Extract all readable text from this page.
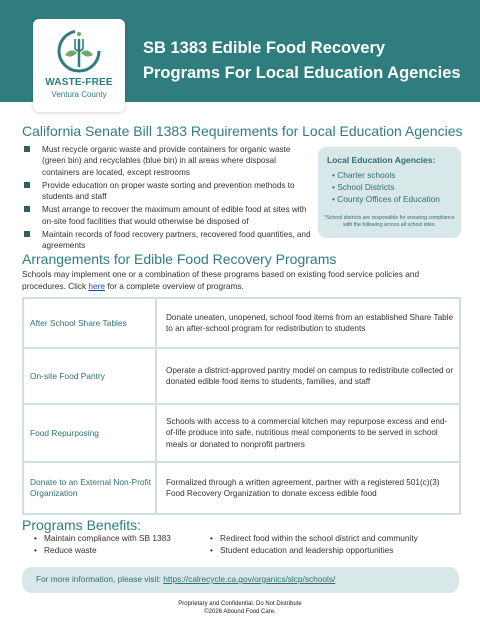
WASTE-FREE
Ventura County
SB 1383 Edible Food Recovery
Programs For Local Education Agencies
California Senate Bill 1383 Requirements for Local Education Agencies
Must recycle organic waste and provide containers for organic waste (green bin) and recyclables (blue bin) in all areas where disposal containers are located, except restrooms
Provide education on proper waste sorting and prevention methods to students and staff
Must arrange to recover the maximum amount of edible food at sites with on-site food facilities that would otherwise be disposed of
Maintain records of food recovery partners, recovered food quantities, and agreements
Local Education Agencies:
• Charter schools
• School Districts
• County Offices of Education
*School districts are responsible for ensuring compliance with the following across all school sites.
Arrangements for Edible Food Recovery Programs
Schools may implement one or a combination of these programs based on existing food service policies and procedures. Click here for a complete overview of programs.
After School Share Tables
Donate uneaten, unopened, school food items from an established Share Table to an after-school program for redistribution to students
On-site Food Pantry
Operate a district-approved pantry model on campus to redistribute collected or donated edible food items to students, families, and staff
Food Repurposing
Schools with access to a commercial kitchen may repurpose excess and end-of-life produce into safe, nutritious meal components to be served in school meals or donated to nonprofit partners
Donate to an External Non-Profit Organization
Formalized through a written agreement, partner with a registered 501(c)(3) Food Recovery Organization to donate excess edible food
Programs Benefits:
• Maintain compliance with SB 1383
• Reduce waste
• Redirect food within the school district and community
• Student education and leadership opportunities
For more information, please visit: https://calrecycle.ca.gov/organics/slcp/schools/
Proprietary and Confidential. Do Not Distribute
©2026 Abound Food Care.
